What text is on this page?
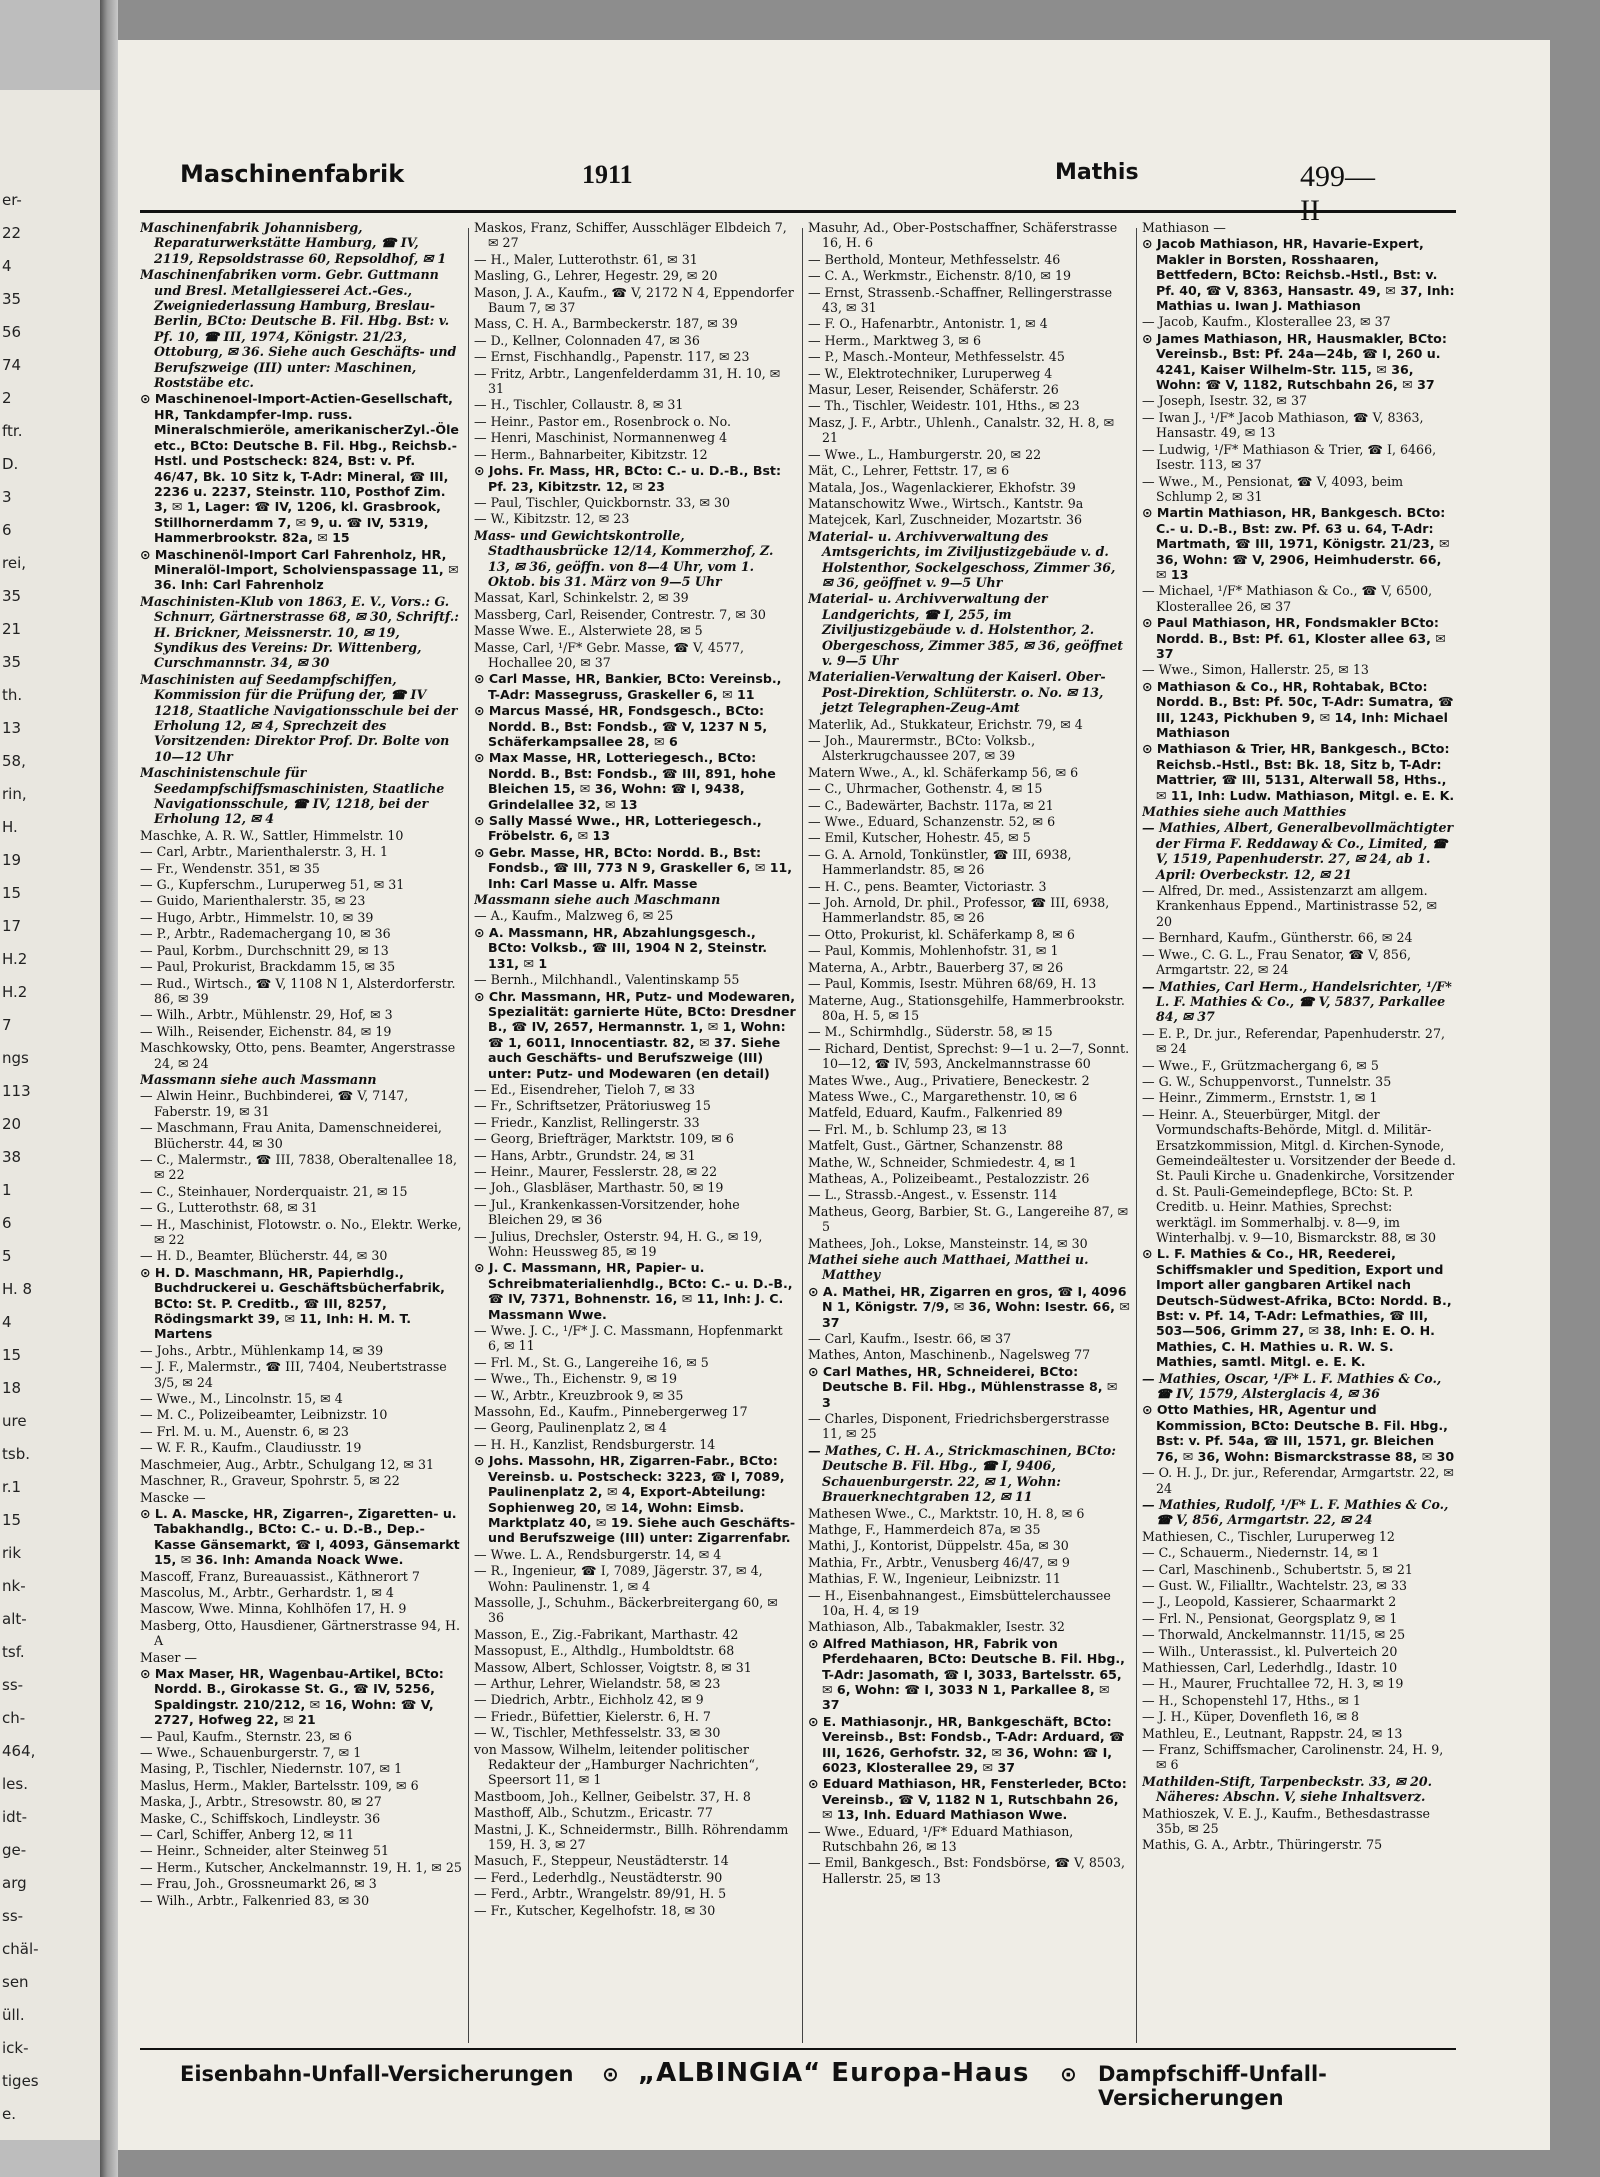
er-
22
4
35
56
74
2
ftr.
D.
3
6
rei,
35
21
35
th.
13
58,
rin,
H.
19
15
17
H.2
H.2
7
ngs
113
20
38
1
6
5
H. 8
4
15
18
ure
tsb.
r.1
15
rik
nk-
alt-
tsf.
ss-
ch-
464,
les.
idt-
ge-
arg
ss-
chäl-
sen
üll.
ick-
tiges
e.
Maschinenfabrik	1911	Mathis	499—II
Maschinenfabrik Johannisberg, Reparaturwerkstätte Hamburg, ☎ IV, 2119, Repsoldstrasse 60, Repsoldhof, ✉ 1
Maschinenfabriken vorm. Gebr. Guttmann und Bresl. Metallgiesserei Act.-Ges., Zweigniederlassung Hamburg, Breslau-Berlin, BCto: Deutsche B. Fil. Hbg. Bst: v. Pf. 10, ☎ III, 1974, Königstr. 21/23, Ottoburg, ✉ 36. Siehe auch Geschäfts- und Berufszweige (III) unter: Maschinen, Roststäbe etc.
⊙ Maschinenoel-Import-Actien-Gesellschaft, HR, Tankdampfer-Imp. russ. Mineralschmieröle, amerikanischerZyl.-Öle etc., BCto: Deutsche B. Fil. Hbg., Reichsb.-Hstl. und Postscheck: 824, Bst: v. Pf. 46/47, Bk. 10 Sitz k, T-Adr: Mineral, ☎ III, 2236 u. 2237, Steinstr. 110, Posthof Zim. 3, ✉ 1, Lager: ☎ IV, 1206, kl. Grasbrook, Stillhornerdamm 7, ✉ 9, u. ☎ IV, 5319, Hammerbrookstr. 82a, ✉ 15
⊙ Maschinenöl-Import Carl Fahrenholz, HR, Mineralöl-Import, Scholvienspassage 11, ✉ 36. Inh: Carl Fahrenholz
Maschinisten-Klub von 1863, E. V., Vors.: G. Schnurr, Gärtnerstrasse 68, ✉ 30, Schriftf.: H. Brickner, Meissnerstr. 10, ✉ 19, Syndikus des Vereins: Dr. Wittenberg, Curschmannstr. 34, ✉ 30
Maschinisten auf Seedampfschiffen, Kommission für die Prüfung der, ☎ IV 1218, Staatliche Navigationsschule bei der Erholung 12, ✉ 4, Sprechzeit des Vorsitzenden: Direktor Prof. Dr. Bolte von 10—12 Uhr
Maschinistenschule für Seedampfschiffsmaschinisten, Staatliche Navigationsschule, ☎ IV, 1218, bei der Erholung 12, ✉ 4
Maschke, A. R. W., Sattler, Himmelstr. 10
— Carl, Arbtr., Marienthalerstr. 3, H. 1
— Fr., Wendenstr. 351, ✉ 35
— G., Kupferschm., Luruperweg 51, ✉ 31
— Guido, Marienthalerstr. 35, ✉ 23
— Hugo, Arbtr., Himmelstr. 10, ✉ 39
— P., Arbtr., Rademachergang 10, ✉ 36
— Paul, Korbm., Durchschnitt 29, ✉ 13
— Paul, Prokurist, Brackdamm 15, ✉ 35
— Rud., Wirtsch., ☎ V, 1108 N 1, Alsterdorferstr. 86, ✉ 39
— Wilh., Arbtr., Mühlenstr. 29, Hof, ✉ 3
— Wilh., Reisender, Eichenstr. 84, ✉ 19
Maschkowsky, Otto, pens. Beamter, Angerstrasse 24, ✉ 24
Massmann siehe auch Massmann
— Alwin Heinr., Buchbinderei, ☎ V, 7147, Faberstr. 19, ✉ 31
— Maschmann, Frau Anita, Damenschneiderei, Blücherstr. 44, ✉ 30
— C., Malermstr., ☎ III, 7838, Oberaltenallee 18, ✉ 22
— C., Steinhauer, Norderquaistr. 21, ✉ 15
— G., Lutterothstr. 68, ✉ 31
— H., Maschinist, Flotowstr. o. No., Elektr. Werke, ✉ 22
— H. D., Beamter, Blücherstr. 44, ✉ 30
⊙ H. D. Maschmann, HR, Papierhdlg., Buchdruckerei u. Geschäftsbücherfabrik, BCto: St. P. Creditb., ☎ III, 8257, Rödingsmarkt 39, ✉ 11, Inh: H. M. T. Martens
— Johs., Arbtr., Mühlenkamp 14, ✉ 39
— J. F., Malermstr., ☎ III, 7404, Neubertstrasse 3/5, ✉ 24
— Wwe., M., Lincolnstr. 15, ✉ 4
— M. C., Polizeibeamter, Leibnizstr. 10
— Frl. M. u. M., Auenstr. 6, ✉ 23
— W. F. R., Kaufm., Claudiusstr. 19
Maschmeier, Aug., Arbtr., Schulgang 12, ✉ 31
Maschner, R., Graveur, Spohrstr. 5, ✉ 22
Mascke —
⊙ L. A. Mascke, HR, Zigarren-, Zigaretten- u. Tabakhandlg., BCto: C.- u. D.-B., Dep.-Kasse Gänsemarkt, ☎ I, 4093, Gänsemarkt 15, ✉ 36. Inh: Amanda Noack Wwe.
Mascoff, Franz, Bureauassist., Käthnerort 7
Mascolus, M., Arbtr., Gerhardstr. 1, ✉ 4
Mascow, Wwe. Minna, Kohlhöfen 17, H. 9
Masberg, Otto, Hausdiener, Gärtnerstrasse 94, H. A
Maser —
⊙ Max Maser, HR, Wagenbau-Artikel, BCto: Nordd. B., Girokasse St. G., ☎ IV, 5256, Spaldingstr. 210/212, ✉ 16, Wohn: ☎ V, 2727, Hofweg 22, ✉ 21
— Paul, Kaufm., Sternstr. 23, ✉ 6
— Wwe., Schauenburgerstr. 7, ✉ 1
Masing, P., Tischler, Niedernstr. 107, ✉ 1
Maslus, Herm., Makler, Bartelsstr. 109, ✉ 6
Maska, J., Arbtr., Stresowstr. 80, ✉ 27
Maske, C., Schiffskoch, Lindleystr. 36
— Carl, Schiffer, Anberg 12, ✉ 11
— Heinr., Schneider, alter Steinweg 51
— Herm., Kutscher, Anckelmannstr. 19, H. 1, ✉ 25
— Frau, Joh., Grossneumarkt 26, ✉ 3
— Wilh., Arbtr., Falkenried 83, ✉ 30
Maskos, Franz, Schiffer, Ausschläger Elbdeich 7, ✉ 27
— H., Maler, Lutterothstr. 61, ✉ 31
Masling, G., Lehrer, Hegestr. 29, ✉ 20
Mason, J. A., Kaufm., ☎ V, 2172 N 4, Eppendorfer Baum 7, ✉ 37
Mass, C. H. A., Barmbeckerstr. 187, ✉ 39
— D., Kellner, Colonnaden 47, ✉ 36
— Ernst, Fischhandlg., Papenstr. 117, ✉ 23
— Fritz, Arbtr., Langenfelderdamm 31, H. 10, ✉ 31
— H., Tischler, Collaustr. 8, ✉ 31
— Heinr., Pastor em., Rosenbrock o. No.
— Henri, Maschinist, Normannenweg 4
— Herm., Bahnarbeiter, Kibitzstr. 12
⊙ Johs. Fr. Mass, HR, BCto: C.- u. D.-B., Bst: Pf. 23, Kibitzstr. 12, ✉ 23
— Paul, Tischler, Quickbornstr. 33, ✉ 30
— W., Kibitzstr. 12, ✉ 23
Mass- und Gewichtskontrolle, Stadthausbrücke 12/14, Kommerzhof, Z. 13, ✉ 36, geöffn. von 8—4 Uhr, vom 1. Oktob. bis 31. März von 9—5 Uhr
Massat, Karl, Schinkelstr. 2, ✉ 39
Massberg, Carl, Reisender, Contrestr. 7, ✉ 30
Masse Wwe. E., Alsterwiete 28, ✉ 5
Masse, Carl, ¹/F* Gebr. Masse, ☎ V, 4577, Hochallee 20, ✉ 37
⊙ Carl Masse, HR, Bankier, BCto: Vereinsb., T-Adr: Massegruss, Graskeller 6, ✉ 11
⊙ Marcus Massé, HR, Fondsgesch., BCto: Nordd. B., Bst: Fondsb., ☎ V, 1237 N 5, Schäferkampsallee 28, ✉ 6
⊙ Max Masse, HR, Lotteriegesch., BCto: Nordd. B., Bst: Fondsb., ☎ III, 891, hohe Bleichen 15, ✉ 36, Wohn: ☎ I, 9438, Grindelallee 32, ✉ 13
⊙ Sally Massé Wwe., HR, Lotteriegesch., Fröbelstr. 6, ✉ 13
⊙ Gebr. Masse, HR, BCto: Nordd. B., Bst: Fondsb., ☎ III, 773 N 9, Graskeller 6, ✉ 11, Inh: Carl Masse u. Alfr. Masse
Massmann siehe auch Maschmann
— A., Kaufm., Malzweg 6, ✉ 25
⊙ A. Massmann, HR, Abzahlungsgesch., BCto: Volksb., ☎ III, 1904 N 2, Steinstr. 131, ✉ 1
— Bernh., Milchhandl., Valentinskamp 55
⊙ Chr. Massmann, HR, Putz- und Modewaren, Spezialität: garnierte Hüte, BCto: Dresdner B., ☎ IV, 2657, Hermannstr. 1, ✉ 1, Wohn: ☎ 1, 6011, Innocentiastr. 82, ✉ 37. Siehe auch Geschäfts- und Berufszweige (III) unter: Putz- und Modewaren (en detail)
— Ed., Eisendreher, Tieloh 7, ✉ 33
— Fr., Schriftsetzer, Prätoriusweg 15
— Friedr., Kanzlist, Rellingerstr. 33
— Georg, Briefträger, Marktstr. 109, ✉ 6
— Hans, Arbtr., Grundstr. 24, ✉ 31
— Heinr., Maurer, Fesslerstr. 28, ✉ 22
— Joh., Glasbläser, Marthastr. 50, ✉ 19
— Jul., Krankenkassen-Vorsitzender, hohe Bleichen 29, ✉ 36
— Julius, Drechsler, Osterstr. 94, H. G., ✉ 19, Wohn: Heussweg 85, ✉ 19
⊙ J. C. Massmann, HR, Papier- u. Schreibmaterialienhdlg., BCto: C.- u. D.-B., ☎ IV, 7371, Bohnenstr. 16, ✉ 11, Inh: J. C. Massmann Wwe.
— Wwe. J. C., ¹/F* J. C. Massmann, Hopfenmarkt 6, ✉ 11
— Frl. M., St. G., Langereihe 16, ✉ 5
— Wwe., Th., Eichenstr. 9, ✉ 19
— W., Arbtr., Kreuzbrook 9, ✉ 35
Massohn, Ed., Kaufm., Pinnebergerweg 17
— Georg, Paulinenplatz 2, ✉ 4
— H. H., Kanzlist, Rendsburgerstr. 14
⊙ Johs. Massohn, HR, Zigarren-Fabr., BCto: Vereinsb. u. Postscheck: 3223, ☎ I, 7089, Paulinenplatz 2, ✉ 4, Export-Abteilung: Sophienweg 20, ✉ 14, Wohn: Eimsb. Marktplatz 40, ✉ 19. Siehe auch Geschäfts- und Berufszweige (III) unter: Zigarrenfabr.
— Wwe. L. A., Rendsburgerstr. 14, ✉ 4
— R., Ingenieur, ☎ I, 7089, Jägerstr. 37, ✉ 4, Wohn: Paulinenstr. 1, ✉ 4
Massolle, J., Schuhm., Bäckerbreitergang 60, ✉ 36
Masson, E., Zig.-Fabrikant, Marthastr. 42
Massopust, E., Althdlg., Humboldtstr. 68
Massow, Albert, Schlosser, Voigtstr. 8, ✉ 31
— Arthur, Lehrer, Wielandstr. 58, ✉ 23
— Diedrich, Arbtr., Eichholz 42, ✉ 9
— Friedr., Büfettier, Kielerstr. 6, H. 7
— W., Tischler, Methfesselstr. 33, ✉ 30
von Massow, Wilhelm, leitender politischer Redakteur der „Hamburger Nachrichten“, Speersort 11, ✉ 1
Mastboom, Joh., Kellner, Geibelstr. 37, H. 8
Masthoff, Alb., Schutzm., Ericastr. 77
Mastni, J. K., Schneidermstr., Billh. Röhrendamm 159, H. 3, ✉ 27
Masuch, F., Steppeur, Neustädterstr. 14
— Ferd., Lederhdlg., Neustädterstr. 90
— Ferd., Arbtr., Wrangelstr. 89/91, H. 5
— Fr., Kutscher, Kegelhofstr. 18, ✉ 30
Masuhr, Ad., Ober-Postschaffner, Schäferstrasse 16, H. 6
— Berthold, Monteur, Methfesselstr. 46
— C. A., Werkmstr., Eichenstr. 8/10, ✉ 19
— Ernst, Strassenb.-Schaffner, Rellingerstrasse 43, ✉ 31
— F. O., Hafenarbtr., Antonistr. 1, ✉ 4
— Herm., Marktweg 3, ✉ 6
— P., Masch.-Monteur, Methfesselstr. 45
— W., Elektrotechniker, Luruperweg 4
Masur, Leser, Reisender, Schäferstr. 26
— Th., Tischler, Weidestr. 101, Hths., ✉ 23
Masz, J. F., Arbtr., Uhlenh., Canalstr. 32, H. 8, ✉ 21
— Wwe., L., Hamburgerstr. 20, ✉ 22
Mät, C., Lehrer, Fettstr. 17, ✉ 6
Matala, Jos., Wagenlackierer, Ekhofstr. 39
Matanschowitz Wwe., Wirtsch., Kantstr. 9a
Matejcek, Karl, Zuschneider, Mozartstr. 36
Material- u. Archivverwaltung des Amtsgerichts, im Ziviljustizgebäude v. d. Holstenthor, Sockelgeschoss, Zimmer 36, ✉ 36, geöffnet v. 9—5 Uhr
Material- u. Archivverwaltung der Landgerichts, ☎ I, 255, im Ziviljustizgebäude v. d. Holstenthor, 2. Obergeschoss, Zimmer 385, ✉ 36, geöffnet v. 9—5 Uhr
Materialien-Verwaltung der Kaiserl. Ober-Post-Direktion, Schlüterstr. o. No. ✉ 13, jetzt Telegraphen-Zeug-Amt
Materlik, Ad., Stukkateur, Erichstr. 79, ✉ 4
— Joh., Maurermstr., BCto: Volksb., Alsterkrugchaussee 207, ✉ 39
Matern Wwe., A., kl. Schäferkamp 56, ✉ 6
— C., Uhrmacher, Gothenstr. 4, ✉ 15
— C., Badewärter, Bachstr. 117a, ✉ 21
— Wwe., Eduard, Schanzenstr. 52, ✉ 6
— Emil, Kutscher, Hohestr. 45, ✉ 5
— G. A. Arnold, Tonkünstler, ☎ III, 6938, Hammerlandstr. 85, ✉ 26
— H. C., pens. Beamter, Victoriastr. 3
— Joh. Arnold, Dr. phil., Professor, ☎ III, 6938, Hammerlandstr. 85, ✉ 26
— Otto, Prokurist, kl. Schäferkamp 8, ✉ 6
— Paul, Kommis, Mohlenhofstr. 31, ✉ 1
Materna, A., Arbtr., Bauerberg 37, ✉ 26
— Paul, Kommis, Isestr. Mühren 68/69, H. 13
Materne, Aug., Stationsgehilfe, Hammerbrookstr. 80a, H. 5, ✉ 15
— M., Schirmhdlg., Süderstr. 58, ✉ 15
— Richard, Dentist, Sprechst: 9—1 u. 2—7, Sonnt. 10—12, ☎ IV, 593, Anckelmannstrasse 60
Mates Wwe., Aug., Privatiere, Beneckestr. 2
Matess Wwe., C., Margarethenstr. 10, ✉ 6
Matfeld, Eduard, Kaufm., Falkenried 89
— Frl. M., b. Schlump 23, ✉ 13
Matfelt, Gust., Gärtner, Schanzenstr. 88
Mathe, W., Schneider, Schmiedestr. 4, ✉ 1
Matheas, A., Polizeibeamt., Pestalozzistr. 26
— L., Strassb.-Angest., v. Essenstr. 114
Matheus, Georg, Barbier, St. G., Langereihe 87, ✉ 5
Mathees, Joh., Lokse, Mansteinstr. 14, ✉ 30
Mathei siehe auch Matthaei, Matthei u. Matthey
⊙ A. Mathei, HR, Zigarren en gros, ☎ I, 4096 N 1, Königstr. 7/9, ✉ 36, Wohn: Isestr. 66, ✉ 37
— Carl, Kaufm., Isestr. 66, ✉ 37
Mathes, Anton, Maschinenb., Nagelsweg 77
⊙ Carl Mathes, HR, Schneiderei, BCto: Deutsche B. Fil. Hbg., Mühlenstrasse 8, ✉ 3
— Charles, Disponent, Friedrichsbergerstrasse 11, ✉ 25
— Mathes, C. H. A., Strickmaschinen, BCto: Deutsche B. Fil. Hbg., ☎ I, 9406, Schauenburgerstr. 22, ✉ 1, Wohn: Brauerknechtgraben 12, ✉ 11
Mathesen Wwe., C., Marktstr. 10, H. 8, ✉ 6
Mathge, F., Hammerdeich 87a, ✉ 35
Mathi, J., Kontorist, Düppelstr. 45a, ✉ 30
Mathia, Fr., Arbtr., Venusberg 46/47, ✉ 9
Mathias, F. W., Ingenieur, Leibnizstr. 11
— H., Eisenbahnangest., Eimsbüttelerchaussee 10a, H. 4, ✉ 19
Mathiason, Alb., Tabakmakler, Isestr. 32
⊙ Alfred Mathiason, HR, Fabrik von Pferdehaaren, BCto: Deutsche B. Fil. Hbg., T-Adr: Jasomath, ☎ I, 3033, Bartelsstr. 65, ✉ 6, Wohn: ☎ I, 3033 N 1, Parkallee 8, ✉ 37
⊙ E. Mathiasonjr., HR, Bankgeschäft, BCto: Vereinsb., Bst: Fondsb., T-Adr: Arduard, ☎ III, 1626, Gerhofstr. 32, ✉ 36, Wohn: ☎ I, 6023, Klosterallee 29, ✉ 37
⊙ Eduard Mathiason, HR, Fensterleder, BCto: Vereinsb., ☎ V, 1182 N 1, Rutschbahn 26, ✉ 13, Inh. Eduard Mathiason Wwe.
— Wwe., Eduard, ¹/F* Eduard Mathiason, Rutschbahn 26, ✉ 13
— Emil, Bankgesch., Bst: Fondsbörse, ☎ V, 8503, Hallerstr. 25, ✉ 13
Mathiason —
⊙ Jacob Mathiason, HR, Havarie-Expert, Makler in Borsten, Rosshaaren, Bettfedern, BCto: Reichsb.-Hstl., Bst: v. Pf. 40, ☎ V, 8363, Hansastr. 49, ✉ 37, Inh: Mathias u. Iwan J. Mathiason
— Jacob, Kaufm., Klosterallee 23, ✉ 37
⊙ James Mathiason, HR, Hausmakler, BCto: Vereinsb., Bst: Pf. 24a—24b, ☎ I, 260 u. 4241, Kaiser Wilhelm-Str. 115, ✉ 36, Wohn: ☎ V, 1182, Rutschbahn 26, ✉ 37
— Joseph, Isestr. 32, ✉ 37
— Iwan J., ¹/F* Jacob Mathiason, ☎ V, 8363, Hansastr. 49, ✉ 13
— Ludwig, ¹/F* Mathiason & Trier, ☎ I, 6466, Isestr. 113, ✉ 37
— Wwe., M., Pensionat, ☎ V, 4093, beim Schlump 2, ✉ 31
⊙ Martin Mathiason, HR, Bankgesch. BCto: C.- u. D.-B., Bst: zw. Pf. 63 u. 64, T-Adr: Martmath, ☎ III, 1971, Königstr. 21/23, ✉ 36, Wohn: ☎ V, 2906, Heimhuderstr. 66, ✉ 13
— Michael, ¹/F* Mathiason & Co., ☎ V, 6500, Klosterallee 26, ✉ 37
⊙ Paul Mathiason, HR, Fondsmakler BCto: Nordd. B., Bst: Pf. 61, Kloster allee 63, ✉ 37
— Wwe., Simon, Hallerstr. 25, ✉ 13
⊙ Mathiason & Co., HR, Rohtabak, BCto: Nordd. B., Bst: Pf. 50c, T-Adr: Sumatra, ☎ III, 1243, Pickhuben 9, ✉ 14, Inh: Michael Mathiason
⊙ Mathiason & Trier, HR, Bankgesch., BCto: Reichsb.-Hstl., Bst: Bk. 18, Sitz b, T-Adr: Mattrier, ☎ III, 5131, Alterwall 58, Hths., ✉ 11, Inh: Ludw. Mathiason, Mitgl. e. E. K.
Mathies siehe auch Matthies
— Mathies, Albert, Generalbevollmächtigter der Firma F. Reddaway & Co., Limited, ☎ V, 1519, Papenhuderstr. 27, ✉ 24, ab 1. April: Overbeckstr. 12, ✉ 21
— Alfred, Dr. med., Assistenzarzt am allgem. Krankenhaus Eppend., Martinistrasse 52, ✉ 20
— Bernhard, Kaufm., Güntherstr. 66, ✉ 24
— Wwe., C. G. L., Frau Senator, ☎ V, 856, Armgartstr. 22, ✉ 24
— Mathies, Carl Herm., Handelsrichter, ¹/F* L. F. Mathies & Co., ☎ V, 5837, Parkallee 84, ✉ 37
— E. P., Dr. jur., Referendar, Papenhuderstr. 27, ✉ 24
— Wwe., F., Grützmachergang 6, ✉ 5
— G. W., Schuppenvorst., Tunnelstr. 35
— Heinr., Zimmerm., Ernststr. 1, ✉ 1
— Heinr. A., Steuerbürger, Mitgl. der Vormundschafts-Behörde, Mitgl. d. Militär-Ersatzkommission, Mitgl. d. Kirchen-Synode, Gemeindeältester u. Vorsitzender der Beede d. St. Pauli Kirche u. Gnadenkirche, Vorsitzender d. St. Pauli-Gemeindepflege, BCto: St. P. Creditb. u. Heinr. Mathies, Sprechst: werktägl. im Sommerhalbj. v. 8—9, im Winterhalbj. v. 9—10, Bismarckstr. 88, ✉ 30
⊙ L. F. Mathies & Co., HR, Reederei, Schiffsmakler und Spedition, Export und Import aller gangbaren Artikel nach Deutsch-Südwest-Afrika, BCto: Nordd. B., Bst: v. Pf. 14, T-Adr: Lefmathies, ☎ III, 503—506, Grimm 27, ✉ 38, Inh: E. O. H. Mathies, C. H. Mathies u. R. W. S. Mathies, samtl. Mitgl. e. E. K.
— Mathies, Oscar, ¹/F* L. F. Mathies & Co., ☎ IV, 1579, Alsterglacis 4, ✉ 36
⊙ Otto Mathies, HR, Agentur und Kommission, BCto: Deutsche B. Fil. Hbg., Bst: v. Pf. 54a, ☎ III, 1571, gr. Bleichen 76, ✉ 36, Wohn: Bismarckstrasse 88, ✉ 30
— O. H. J., Dr. jur., Referendar, Armgartstr. 22, ✉ 24
— Mathies, Rudolf, ¹/F* L. F. Mathies & Co., ☎ V, 856, Armgartstr. 22, ✉ 24
Mathiesen, C., Tischler, Luruperweg 12
— C., Schauerm., Niedernstr. 14, ✉ 1
— Carl, Maschinenb., Schubertstr. 5, ✉ 21
— Gust. W., Filialltr., Wachtelstr. 23, ✉ 33
— J., Leopold, Kassierer, Schaarmarkt 2
— Frl. N., Pensionat, Georgsplatz 9, ✉ 1
— Thorwald, Anckelmannstr. 11/15, ✉ 25
— Wilh., Unterassist., kl. Pulverteich 20
Mathiessen, Carl, Lederhdlg., Idastr. 10
— H., Maurer, Fruchtallee 72, H. 3, ✉ 19
— H., Schopenstehl 17, Hths., ✉ 1
— J. H., Küper, Dovenfleth 16, ✉ 8
Mathleu, E., Leutnant, Rappstr. 24, ✉ 13
— Franz, Schiffsmacher, Carolinenstr. 24, H. 9, ✉ 6
Mathilden-Stift, Tarpenbeckstr. 33, ✉ 20. Näheres: Abschn. V, siehe Inhaltsverz.
Mathioszek, V. E. J., Kaufm., Bethesdastrasse 35b, ✉ 25
Mathis, G. A., Arbtr., Thüringerstr. 75
Eisenbahn-Unfall-Versicherungen ⊙ „ALBINGIA“ Europa-Haus ⊙ Dampfschiff-Unfall-Versicherungen
